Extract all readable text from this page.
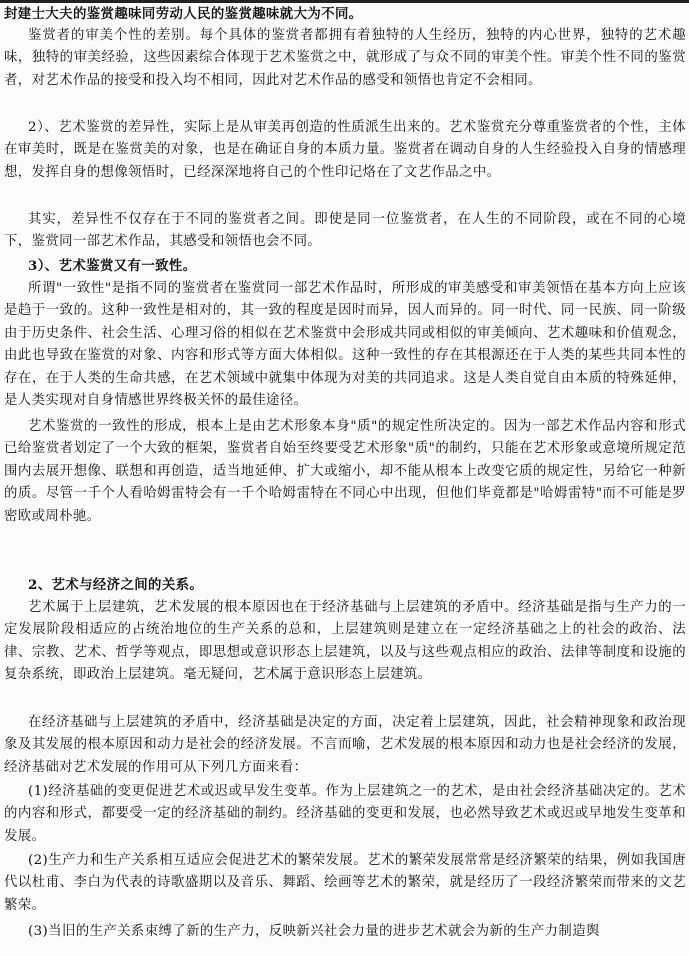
封建士大夫的鉴赏趣味同劳动人民的鉴赏趣味就大为不同。

鉴赏者的审美个性的差别。每个具体的鉴赏者都拥有着独特的人生经历，独特的内心世界，独特的艺术趣味，独特的审美经验，这些因素综合体现于艺术鉴赏之中，就形成了与众不同的审美个性。审美个性不同的鉴赏者，对艺术作品的接受和投入均不相同，因此对艺术作品的感受和领悟也肯定不会相同。

2）、艺术鉴赏的差异性，实际上是从审美再创造的性质派生出来的。艺术鉴赏充分尊重鉴赏者的个性，主体在审美时，既是在鉴赏美的对象，也是在确证自身的本质力量。鉴赏者在调动自身的人生经验投入自身的情感理想，发挥自身的想像领悟时，已经深深地将自己的个性印记烙在了文艺作品之中。

其实，差异性不仅存在于不同的鉴赏者之间。即使是同一位鉴赏者，在人生的不同阶段，或在不同的心境下，鉴赏同一部艺术作品，其感受和领悟也会不同。

3）、艺术鉴赏又有一致性。

所谓"一致性"是指不同的鉴赏者在鉴赏同一部艺术作品时，所形成的审美感受和审美领悟在基本方向上应该是趋于一致的。这种一致性是相对的，其一致的程度是因时而异，因人而异的。同一时代、同一民族、同一阶级由于历史条件、社会生活、心理习俗的相似在艺术鉴赏中会形成共同或相似的审美倾向、艺术趣味和价值观念，由此也导致在鉴赏的对象、内容和形式等方面大体相似。这种一致性的存在其根源还在于人类的某些共同本性的存在，在于人类的生命共感，在艺术领域中就集中体现为对美的共同追求。这是人类自觉自由本质的特殊延伸，是人类实现对自身情感世界终极关怀的最佳途径。

艺术鉴赏的一致性的形成，根本上是由艺术形象本身"质"的规定性所决定的。因为一部艺术作品内容和形式已给鉴赏者划定了一个大致的框架，鉴赏者自始至终要受艺术形象"质"的制约，只能在艺术形象或意境所规定范围内去展开想像、联想和再创造，适当地延伸、扩大或缩小，却不能从根本上改变它质的规定性，另给它一种新的质。尽管一千个人看哈姆雷特会有一千个哈姆雷特在不同心中出现，但他们毕竟都是"哈姆雷特"而不可能是罗密欧或周朴驰。

2、艺术与经济之间的关系。

艺术属于上层建筑，艺术发展的根本原因也在于经济基础与上层建筑的矛盾中。经济基础是指与生产力的一定发展阶段相适应的占统治地位的生产关系的总和，上层建筑则是建立在一定经济基础之上的社会的政治、法律、宗教、艺术、哲学等观点，即思想或意识形态上层建筑，以及与这些观点相应的政治、法律等制度和设施的复杂系统，即政治上层建筑。毫无疑问，艺术属于意识形态上层建筑。

在经济基础与上层建筑的矛盾中，经济基础是决定的方面，决定着上层建筑，因此，社会精神现象和政治现象及其发展的根本原因和动力是社会的经济发展。不言而喻，艺术发展的根本原因和动力也是社会经济的发展，经济基础对艺术发展的作用可从下列几方面来看：

(1)经济基础的变更促进艺术或迟或早发生变革。作为上层建筑之一的艺术，是由社会经济基础决定的。艺术的内容和形式，都要受一定的经济基础的制约。经济基础的变更和发展，也必然导致艺术或迟或早地发生变革和发展。

(2)生产力和生产关系相互适应会促进艺术的繁荣发展。艺术的繁荣发展常常是经济繁荣的结果，例如我国唐代以杜甫、李白为代表的诗歌盛期以及音乐、舞蹈、绘画等艺术的繁荣，就是经历了一段经济繁荣而带来的文艺繁荣。

(3)当旧的生产关系束缚了新的生产力，反映新兴社会力量的进步艺术就会为新的生产力制造舆
